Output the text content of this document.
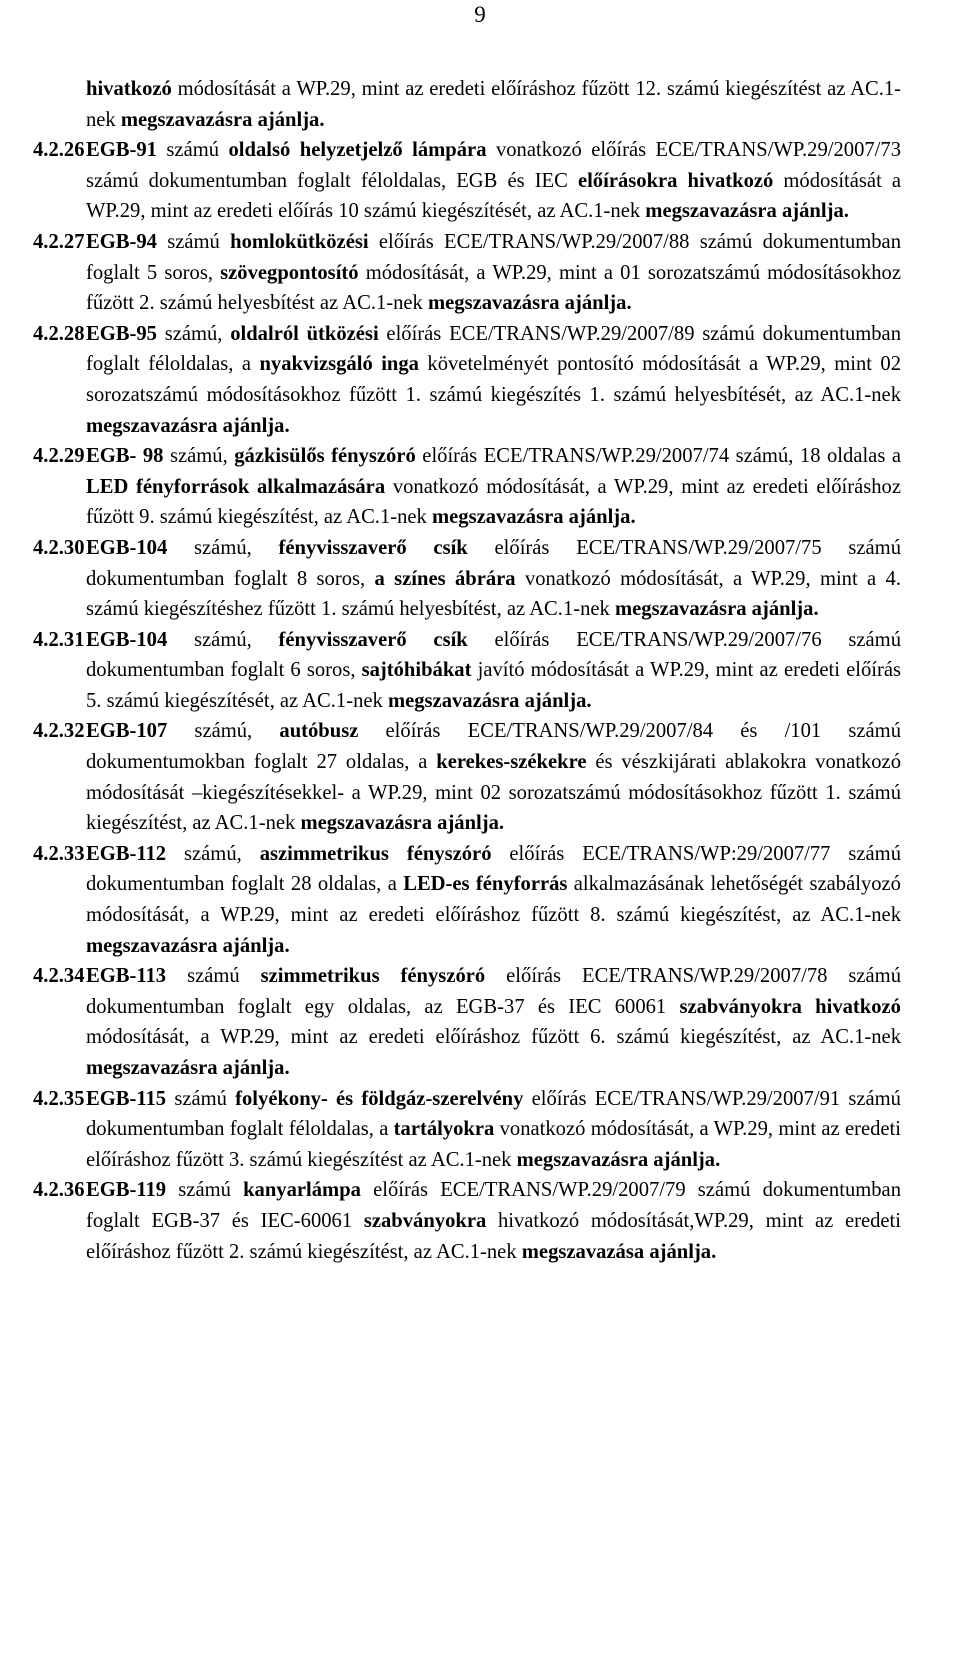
9
hivatkozó módosítását a WP.29, mint az eredeti előíráshoz fűzött 12. számú kiegészítést az AC.1-nek megszavazásra ajánlja.
4.2.26 EGB-91 számú oldalsó helyzetjelző lámpára vonatkozó előírás ECE/TRANS/WP.29/2007/73 számú dokumentumban foglalt féloldalas, EGB és IEC előírásokra hivatkozó módosítását a WP.29, mint az eredeti előírás 10 számú kiegészítését, az AC.1-nek megszavazásra ajánlja.
4.2.27 EGB-94 számú homlokütközési előírás ECE/TRANS/WP.29/2007/88 számú dokumentumban foglalt 5 soros, szövegpontosító módosítását, a WP.29, mint a 01 sorozatszámú módosításokhoz fűzött 2. számú helyesbítést az AC.1-nek megszavazásra ajánlja.
4.2.28 EGB-95 számú, oldalról ütközési előírás ECE/TRANS/WP.29/2007/89 számú dokumentumban foglalt féloldalas, a nyakvizsgáló inga követelményét pontosító módosítását a WP.29, mint 02 sorozatszámú módosításokhoz fűzött 1. számú kiegészítés 1. számú helyesbítését, az AC.1-nek megszavazásra ajánlja.
4.2.29 EGB- 98 számú, gázkisülős fényszóró előírás ECE/TRANS/WP.29/2007/74 számú, 18 oldalas a LED fényforrások alkalmazására vonatkozó módosítását, a WP.29, mint az eredeti előíráshoz fűzött 9. számú kiegészítést, az AC.1-nek megszavazásra ajánlja.
4.2.30 EGB-104 számú, fényvisszaverő csík előírás ECE/TRANS/WP.29/2007/75 számú dokumentumban foglalt 8 soros, a színes ábrára vonatkozó módosítását, a WP.29, mint a 4. számú kiegészítéshez fűzött 1. számú helyesbítést, az AC.1-nek megszavazásra ajánlja.
4.2.31 EGB-104 számú, fényvisszaverő csík előírás ECE/TRANS/WP.29/2007/76 számú dokumentumban foglalt 6 soros, sajtóhibákat javító módosítását a WP.29, mint az eredeti előírás 5. számú kiegészítését, az AC.1-nek megszavazásra ajánlja.
4.2.32 EGB-107 számú, autóbusz előírás ECE/TRANS/WP.29/2007/84 és /101 számú dokumentumokban foglalt 27 oldalas, a kerekes-székekre és vészkijárati ablakokra vonatkozó módosítását –kiegészítésekkel- a WP.29, mint 02 sorozatszámú módosításokhoz fűzött 1. számú kiegészítést, az AC.1-nek megszavazásra ajánlja.
4.2.33 EGB-112 számú, aszimmetrikus fényszóró előírás ECE/TRANS/WP:29/2007/77 számú dokumentumban foglalt 28 oldalas, a LED-es fényforrás alkalmazásának lehetőségét szabályozó módosítását, a WP.29, mint az eredeti előíráshoz fűzött 8. számú kiegészítést, az AC.1-nek megszavazásra ajánlja.
4.2.34 EGB-113 számú szimmetrikus fényszóró előírás ECE/TRANS/WP.29/2007/78 számú dokumentumban foglalt egy oldalas, az EGB-37 és IEC 60061 szabványokra hivatkozó módosítását, a WP.29, mint az eredeti előíráshoz fűzött 6. számú kiegészítést, az AC.1-nek megszavazásra ajánlja.
4.2.35 EGB-115 számú folyékony- és földgáz-szerelvény előírás ECE/TRANS/WP.29/2007/91 számú dokumentumban foglalt féloldalas, a tartályokra vonatkozó módosítását, a WP.29, mint az eredeti előíráshoz fűzött 3. számú kiegészítést az AC.1-nek megszavazásra ajánlja.
4.2.36 EGB-119 számú kanyarlámpa előírás ECE/TRANS/WP.29/2007/79 számú dokumentumban foglalt EGB-37 és IEC-60061 szabványokra hivatkozó módosítását,WP.29, mint az eredeti előíráshoz fűzött 2. számú kiegészítést, az AC.1-nek megszavazása ajánlja.
